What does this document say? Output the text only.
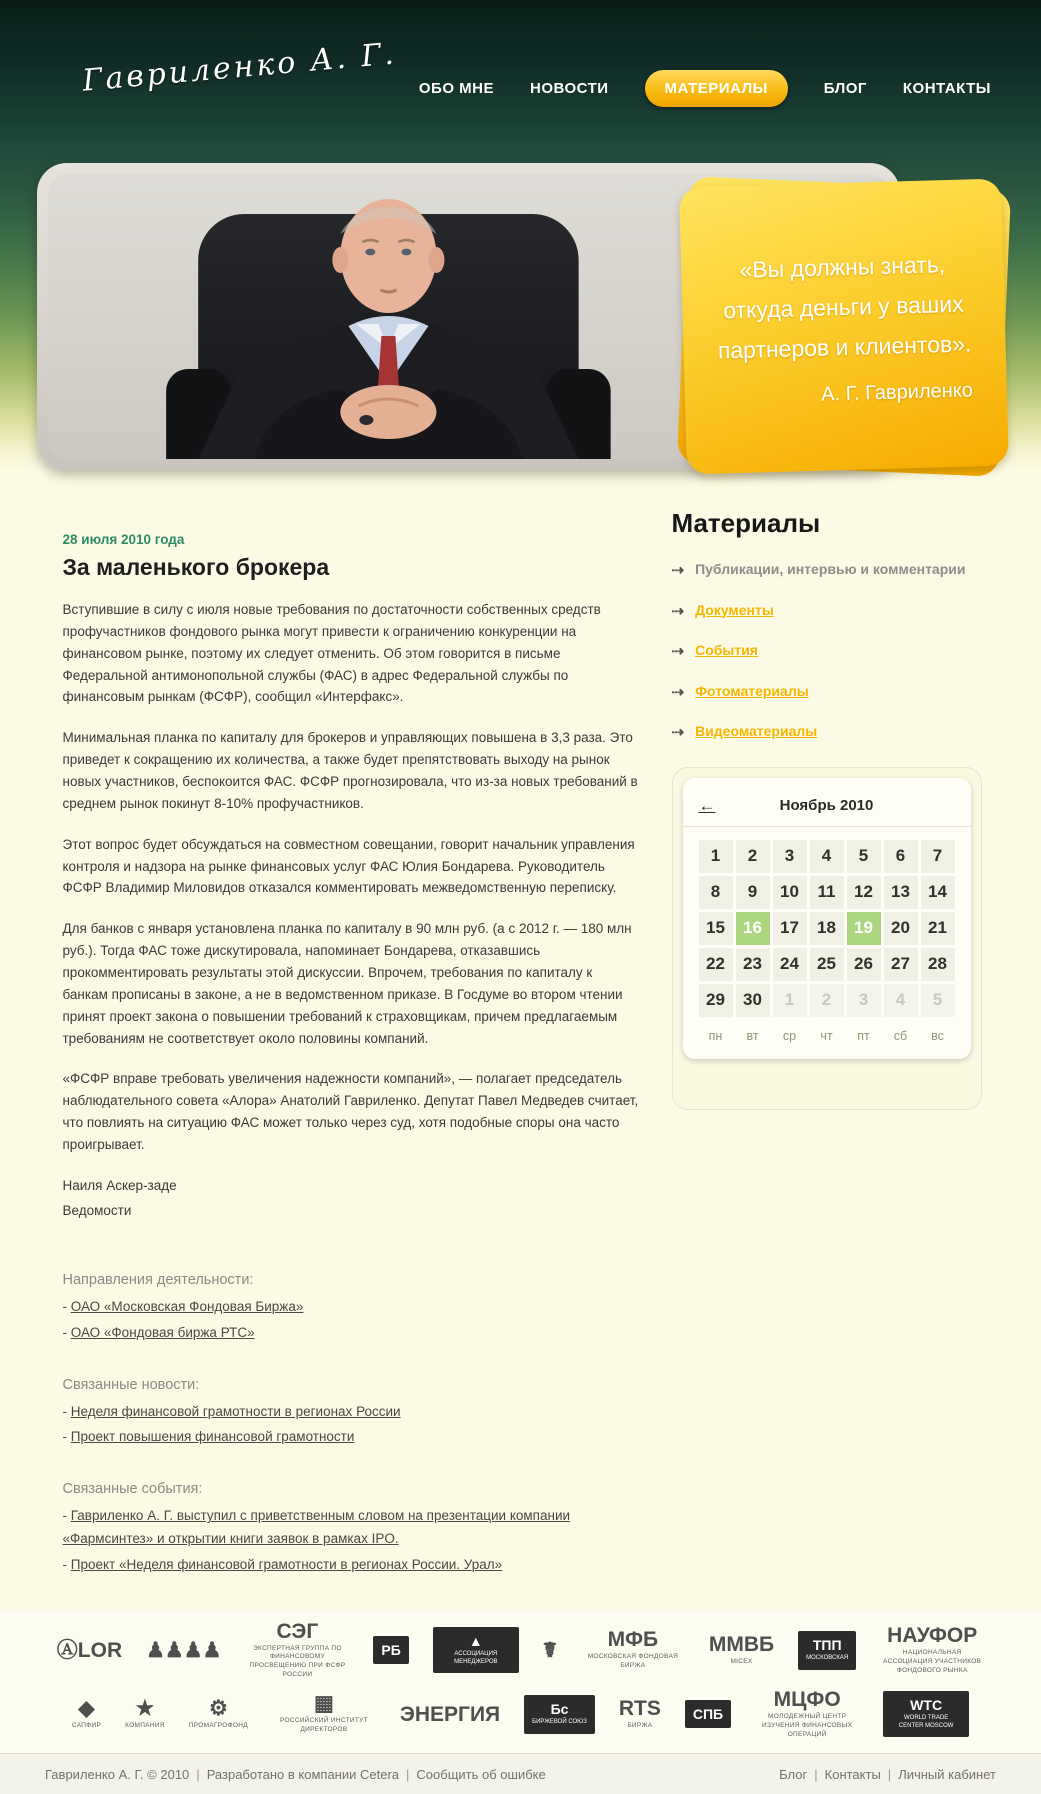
Гавриленко А. Г. ОБО МНЕ НОВОСТИ	МАТЕРИАЛЫ	БЛОГ КОНТАКТЫ
«Вы должны знать,
откуда деньги у ваших
партнеров и клиентов».
А. Г. Гавриленко
28 июля 2010 года
За маленького брокера

Вступившие в силу с июля новые требования по достаточности собственных средств профучастников фондового рынка могут привести к ограничению конкуренции на финансовом рынке, поэтому их следует отменить. Об этом говорится в письме Федеральной антимонопольной службы (ФАС) в адрес Федеральной службы по финансовым рынкам (ФСФР), сообщил «Интерфакс».

Минимальная планка по капиталу для брокеров и управляющих повышена в 3,3 раза. Это приведет к сокращению их количества, а также будет препятствовать выходу на рынок новых участников, беспокоится ФАС. ФСФР прогнозировала, что из-за новых требований в среднем рынок покинут 8-10% профучастников.

Этот вопрос будет обсуждаться на совместном совещании, говорит начальник управления контроля и надзора на рынке финансовых услуг ФАС Юлия Бондарева. Руководитель ФСФР Владимир Миловидов отказался комментировать межведомственную переписку.

Для банков с января установлена планка по капиталу в 90 млн руб. (а с 2012 г. — 180 млн руб.). Тогда ФАС тоже дискутировала, напоминает Бондарева, отказавшись прокомментировать результаты этой дискуссии. Впрочем, требования по капиталу к банкам прописаны в законе, а не в ведомственном приказе. В Госдуме во втором чтении принят проект закона о повышении требований к страховщикам, причем предлагаемым требованиям не соответствует около половины компаний.

«ФСФР вправе требовать увеличения надежности компаний», — полагает председатель наблюдательного совета «Алора» Анатолий Гавриленко. Депутат Павел Медведев считает, что повлиять на ситуацию ФАС может только через суд, хотя подобные споры она часто проигрывает.

Наиля Аскер-заде

Ведомости

Направления деятельности:
- ОАО «Московская Фондовая Биржа»
- ОАО «Фондовая биржа РТС»
Связанные новости:
- Неделя финансовой грамотности в регионах России
- Проект повышения финансовой грамотности
Связанные события:
- Гавриленко А. Г. выступил с приветственным словом на презентации компании «Фармсинтез» и открытии книги заявок в рамках IPO.
- Проект «Неделя финансовой грамотности в регионах России. Урал»
Материалы
⇢ Публикации, интервью и комментарии
⇢ Документы
⇢ События
⇢ Фотоматериалы
⇢ Видеоматериалы
←	Ноябрь 2010
1	2	3	4	5	6	7
8	9	10	11	12	13	14
15	16	17	18	19	20	21
22	23	24	25	26	27	28
29	30	1	2	3	4	5
пн	вт	ср	чт	пт	сб	вс
ⒶLOR ♟♟♟♟
СЭГ
ЭКСПЕРТНАЯ ГРУППА ПО ФИНАНСОВОМУ ПРОСВЕЩЕНИЮ ПРИ ФСФР РОССИИ
РБ
▲
АССОЦИАЦИЯ МЕНЕДЖЕРОВ	☤ МФБ
МОСКОВСКАЯ ФОНДОВАЯ БИРЖА
ММВБ
MICEX
ТПП
МОСКОВСКАЯ
НАУФОР
НАЦИОНАЛЬНАЯ АССОЦИАЦИЯ УЧАСТНИКОВ ФОНДОВОГО РЫНКА
◆
САПФИР
★
КОМПАНИЯ
⚙
ПРОМАГРОФОНД
▦
РОССИЙСКИЙ ИНСТИТУТ ДИРЕКТОРОВ
ЭНЕРГИЯ	Бс
БИРЖЕВОЙ СОЮЗ
RTS
БИРЖА
СПБ
МЦФО
МОЛОДЕЖНЫЙ ЦЕНТР ИЗУЧЕНИЯ ФИНАНСОВЫХ ОПЕРАЦИЙ
WTC
WORLD TRADE CENTER MOSCOW
Гавриленко А. Г. © 2010 | Разработано в компании Cetera | Сообщить об ошибке	Блог | Контакты | Личный кабинет
